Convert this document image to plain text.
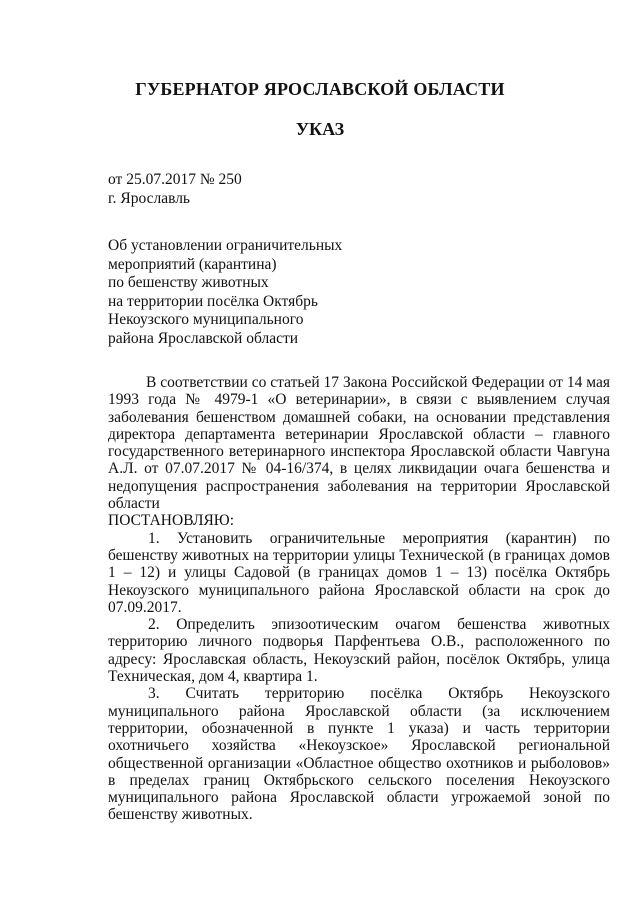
ГУБЕРНАТОР ЯРОСЛАВСКОЙ ОБЛАСТИ
УКАЗ
от 25.07.2017 № 250
г. Ярославль
Об установлении ограничительных
мероприятий (карантина)
по бешенству животных
на территории посёлка Октябрь
Некоузского муниципального
района Ярославской области

В соответствии со статьей 17 Закона Российской Федерации от 14 мая 1993 года № 4979-1 «О ветеринарии», в связи с выявлением случая заболевания бешенством домашней собаки, на основании представления директора департамента ветеринарии Ярославской области – главного государственного ветеринарного инспектора Ярославской области Чавгуна А.Л. от 07.07.2017 № 04-16/374, в целях ликвидации очага бешенства и недопущения распространения заболевания на территории Ярославской области

ПОСТАНОВЛЯЮ:

1. Установить ограничительные мероприятия (карантин) по бешенству животных на территории улицы Технической (в границах домов 1 – 12) и улицы Садовой (в границах домов 1 – 13) посёлка Октябрь Некоузского муниципального района Ярославской области на срок до 07.09.2017.

2. Определить эпизоотическим очагом бешенства животных территорию личного подворья Парфентьева О.В., расположенного по адресу: Ярославская область, Некоузский район, посёлок Октябрь, улица Техническая, дом 4, квартира 1.

3. Считать территорию посёлка Октябрь Некоузского муниципального района Ярославской области (за исключением территории, обозначенной в пункте 1 указа) и часть территории охотничьего хозяйства «Некоузское» Ярославской региональной общественной организации «Областное общество охотников и рыболовов» в пределах границ Октябрьского сельского поселения Некоузского муниципального района Ярославской области угрожаемой зоной по бешенству животных.
